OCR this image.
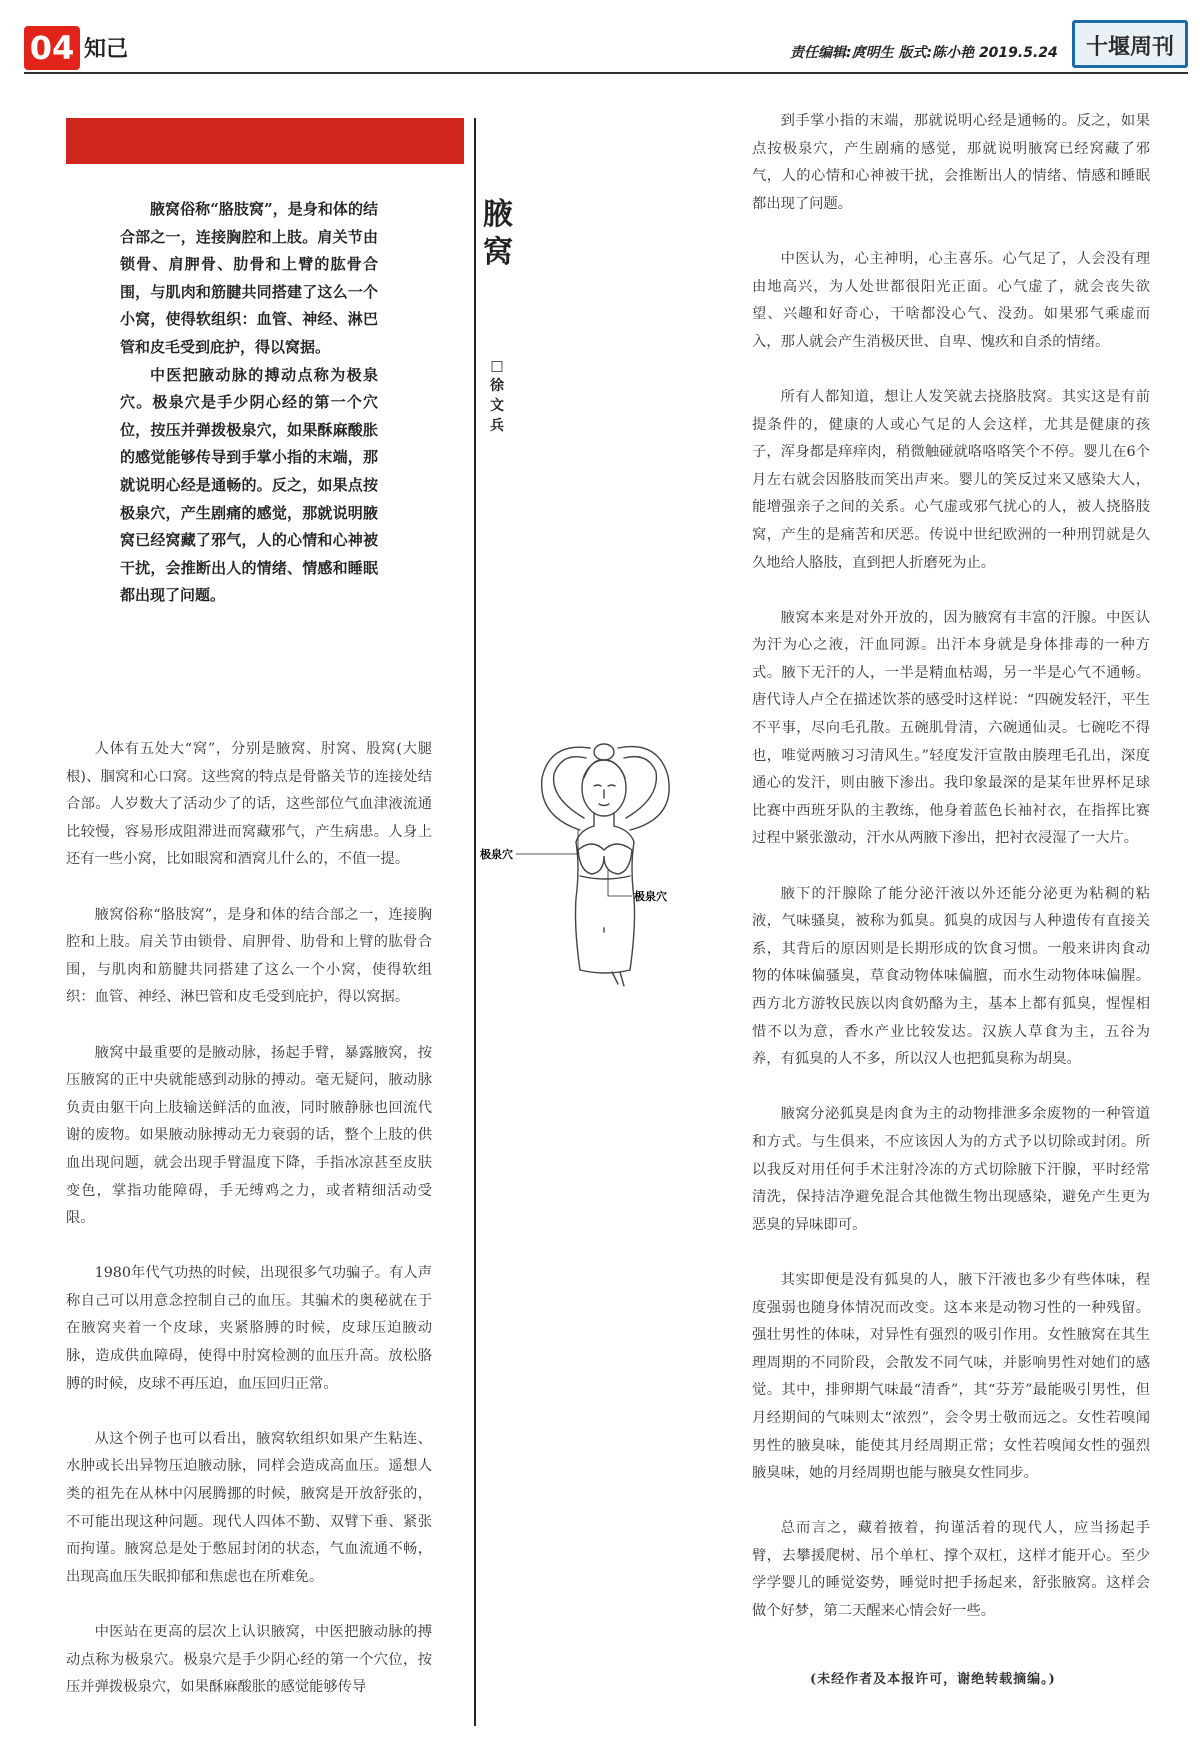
04 知己	责任编辑:庹明生 版式:陈小艳 2019.5.24	十堰周刊

腋窝俗称“胳肢窝”，是身和体的结合部之一，连接胸腔和上肢。肩关节由锁骨、肩胛骨、肋骨和上臂的肱骨合围，与肌肉和筋腱共同搭建了这么一个小窝，使得软组织：血管、神经、淋巴管和皮毛受到庇护，得以窝据。

中医把腋动脉的搏动点称为极泉穴。极泉穴是手少阴心经的第一个穴位，按压并弹拨极泉穴，如果酥麻酸胀的感觉能够传导到手掌小指的末端，那就说明心经是通畅的。反之，如果点按极泉穴，产生剧痛的感觉，那就说明腋窝已经窝藏了邪气，人的心情和心神被干扰，会推断出人的情绪、情感和睡眠都出现了问题。

腋窝
□徐文兵

人体有五处大“窝”，分别是腋窝、肘窝、股窝(大腿根)、腘窝和心口窝。这些窝的特点是骨骼关节的连接处结合部。人岁数大了活动少了的话，这些部位气血津液流通比较慢，容易形成阻滞进而窝藏邪气，产生病患。人身上还有一些小窝，比如眼窝和酒窝儿什么的，不值一提。

腋窝俗称“胳肢窝”，是身和体的结合部之一，连接胸腔和上肢。肩关节由锁骨、肩胛骨、肋骨和上臂的肱骨合围，与肌肉和筋腱共同搭建了这么一个小窝，使得软组织：血管、神经、淋巴管和皮毛受到庇护，得以窝据。

腋窝中最重要的是腋动脉，扬起手臂，暴露腋窝，按压腋窝的正中央就能感到动脉的搏动。毫无疑问，腋动脉负责由躯干向上肢输送鲜活的血液，同时腋静脉也回流代谢的废物。如果腋动脉搏动无力衰弱的话，整个上肢的供血出现问题，就会出现手臂温度下降，手指冰凉甚至皮肤变色，掌指功能障碍，手无缚鸡之力，或者精细活动受限。

1980年代气功热的时候，出现很多气功骗子。有人声称自己可以用意念控制自己的血压。其骗术的奥秘就在于在腋窝夹着一个皮球，夹紧胳膊的时候，皮球压迫腋动脉，造成供血障碍，使得中肘窝检测的血压升高。放松胳膊的时候，皮球不再压迫，血压回归正常。

从这个例子也可以看出，腋窝软组织如果产生粘连、水肿或长出异物压迫腋动脉，同样会造成高血压。遥想人类的祖先在从林中闪展腾挪的时候，腋窝是开放舒张的，不可能出现这种问题。现代人四体不勤、双臂下垂、紧张而拘谨。腋窝总是处于憋屈封闭的状态，气血流通不畅，出现高血压失眠抑郁和焦虑也在所难免。

中医站在更高的层次上认识腋窝，中医把腋动脉的搏动点称为极泉穴。极泉穴是手少阴心经的第一个穴位，按压并弹拨极泉穴，如果酥麻酸胀的感觉能够传导

极泉穴
极泉穴

到手掌小指的末端，那就说明心经是通畅的。反之，如果点按极泉穴，产生剧痛的感觉，那就说明腋窝已经窝藏了邪气，人的心情和心神被干扰，会推断出人的情绪、情感和睡眠都出现了问题。

中医认为，心主神明，心主喜乐。心气足了，人会没有理由地高兴，为人处世都很阳光正面。心气虚了，就会丧失欲望、兴趣和好奇心，干啥都没心气、没劲。如果邪气乘虚而入，那人就会产生消极厌世、自卑、愧疚和自杀的情绪。

所有人都知道，想让人发笑就去挠胳肢窝。其实这是有前提条件的，健康的人或心气足的人会这样，尤其是健康的孩子，浑身都是痒痒肉，稍微触碰就咯咯咯笑个不停。婴儿在6个月左右就会因胳肢而笑出声来。婴儿的笑反过来又感染大人，能增强亲子之间的关系。心气虚或邪气扰心的人，被人挠胳肢窝，产生的是痛苦和厌恶。传说中世纪欧洲的一种刑罚就是久久地给人胳肢，直到把人折磨死为止。

腋窝本来是对外开放的，因为腋窝有丰富的汗腺。中医认为汗为心之液，汗血同源。出汗本身就是身体排毒的一种方式。腋下无汗的人，一半是精血枯竭，另一半是心气不通畅。唐代诗人卢仝在描述饮茶的感受时这样说：“四碗发轻汗，平生不平事，尽向毛孔散。五碗肌骨清，六碗通仙灵。七碗吃不得也，唯觉两腋习习清风生。”轻度发汗宣散由腠理毛孔出，深度通心的发汗，则由腋下渗出。我印象最深的是某年世界杯足球比赛中西班牙队的主教练，他身着蓝色长袖衬衣，在指挥比赛过程中紧张激动，汗水从两腋下渗出，把衬衣浸湿了一大片。

腋下的汗腺除了能分泌汗液以外还能分泌更为粘稠的粘液，气味骚臭，被称为狐臭。狐臭的成因与人种遗传有直接关系，其背后的原因则是长期形成的饮食习惯。一般来讲肉食动物的体味偏骚臭，草食动物体味偏膻，而水生动物体味偏腥。西方北方游牧民族以肉食奶酪为主，基本上都有狐臭，惺惺相惜不以为意，香水产业比较发达。汉族人草食为主，五谷为养，有狐臭的人不多，所以汉人也把狐臭称为胡臭。

腋窝分泌狐臭是肉食为主的动物排泄多余废物的一种管道和方式。与生俱来，不应该因人为的方式予以切除或封闭。所以我反对用任何手术注射冷冻的方式切除腋下汗腺，平时经常清洗，保持洁净避免混合其他微生物出现感染，避免产生更为恶臭的异味即可。

其实即便是没有狐臭的人，腋下汗液也多少有些体味，程度强弱也随身体情况而改变。这本来是动物习性的一种残留。强壮男性的体味，对异性有强烈的吸引作用。女性腋窝在其生理周期的不同阶段，会散发不同气味，并影响男性对她们的感觉。其中，排卵期气味最“清香”，其“芬芳”最能吸引男性，但月经期间的气味则太“浓烈”，会令男士敬而远之。女性若嗅闻男性的腋臭味，能使其月经周期正常；女性若嗅闻女性的强烈腋臭味，她的月经周期也能与腋臭女性同步。

总而言之，藏着掖着，拘谨活着的现代人，应当扬起手臂，去攀援爬树、吊个单杠、撑个双杠，这样才能开心。至少学学婴儿的睡觉姿势，睡觉时把手扬起来，舒张腋窝。这样会做个好梦，第二天醒来心情会好一些。

(未经作者及本报许可，谢绝转载摘编。)
